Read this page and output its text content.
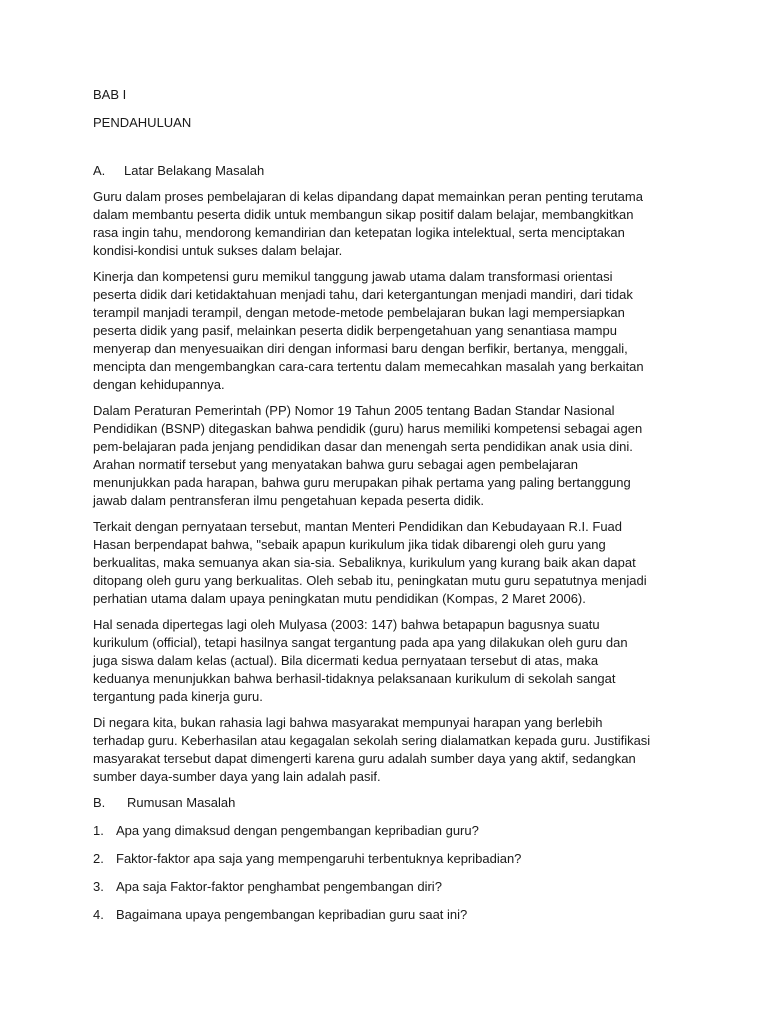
BAB I

PENDAHULUAN

A.	Latar Belakang Masalah

Guru dalam proses pembelajaran di kelas dipandang dapat memainkan peran penting terutama dalam membantu peserta didik untuk membangun sikap positif dalam belajar, membangkitkan rasa ingin tahu, mendorong kemandirian dan ketepatan logika intelektual, serta menciptakan kondisi-kondisi untuk sukses dalam belajar.

Kinerja dan kompetensi guru memikul tanggung jawab utama dalam transformasi orientasi peserta didik dari ketidaktahuan menjadi tahu, dari ketergantungan menjadi mandiri, dari tidak terampil manjadi terampil, dengan metode-metode pembelajaran bukan lagi mempersiapkan peserta didik yang pasif, melainkan peserta didik berpengetahuan yang senantiasa mampu menyerap dan menyesuaikan diri dengan informasi baru dengan berfikir, bertanya, menggali, mencipta dan mengembangkan cara-cara tertentu dalam memecahkan masalah yang berkaitan dengan kehidupannya.

Dalam Peraturan Pemerintah (PP) Nomor 19 Tahun 2005 tentang Badan Standar Nasional Pendidikan (BSNP) ditegaskan bahwa pendidik (guru) harus memiliki kompetensi sebagai agen pem-belajaran pada jenjang pendidikan dasar dan menengah serta pendidikan anak usia dini. Arahan normatif tersebut yang menyatakan bahwa guru sebagai agen pembelajaran menunjukkan pada harapan, bahwa guru merupakan pihak pertama yang paling bertanggung jawab dalam pentransferan ilmu pengetahuan kepada peserta didik.

Terkait dengan pernyataan tersebut, mantan Menteri Pendidikan dan Kebudayaan R.I. Fuad Hasan berpendapat bahwa, "sebaik apapun kurikulum jika tidak dibarengi oleh guru yang berkualitas, maka semuanya akan sia-sia. Sebaliknya, kurikulum yang kurang baik akan dapat ditopang oleh guru yang berkualitas. Oleh sebab itu, peningkatan mutu guru sepatutnya menjadi perhatian utama dalam upaya peningkatan mutu pendidikan (Kompas, 2 Maret 2006).

Hal senada dipertegas lagi oleh Mulyasa (2003: 147) bahwa betapapun bagusnya suatu kurikulum (official), tetapi hasilnya sangat tergantung pada apa yang dilakukan oleh guru dan juga siswa dalam kelas (actual). Bila dicermati kedua pernyataan tersebut di atas, maka keduanya menunjukkan bahwa berhasil-tidaknya pelaksanaan kurikulum di sekolah sangat tergantung pada kinerja guru.

Di negara kita, bukan rahasia lagi bahwa masyarakat mempunyai harapan yang berlebih terhadap guru. Keberhasilan atau kegagalan sekolah sering dialamatkan kepada guru. Justifikasi masyarakat tersebut dapat dimengerti karena guru adalah sumber daya yang aktif, sedangkan sumber daya-sumber daya yang lain adalah pasif.

B.	Rumusan Masalah
1. Apa yang dimaksud dengan pengembangan kepribadian guru?
2. Faktor-faktor apa saja yang mempengaruhi terbentuknya kepribadian?
3. Apa saja Faktor-faktor penghambat pengembangan diri?
4. Bagaimana upaya pengembangan kepribadian guru saat ini?
